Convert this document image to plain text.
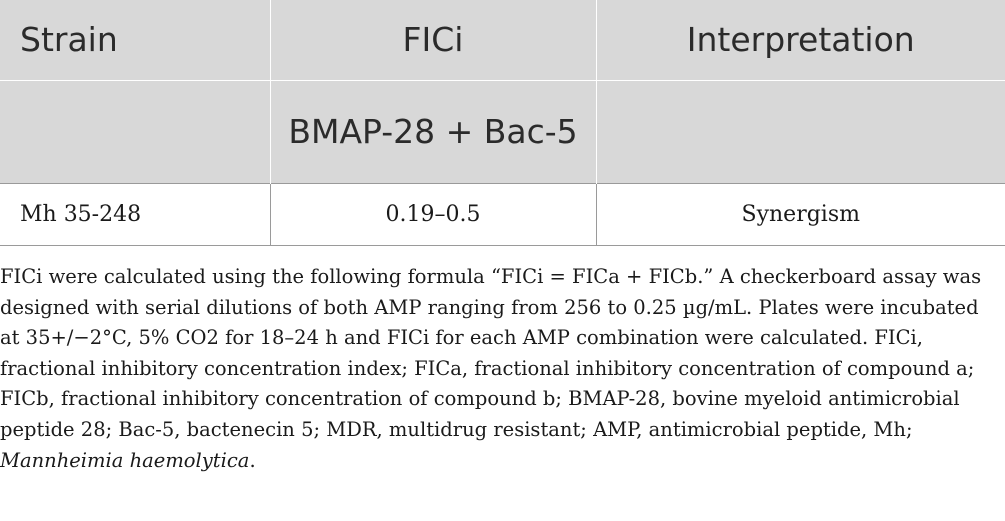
Strain	FICi	Interpretation
	BMAP-28 + Bac-5	
Mh 35-248	0.19–0.5	Synergism

FICi were calculated using the following formula “FICi = FICa + FICb.” A checkerboard assay was designed with serial dilutions of both AMP ranging from 256 to 0.25 µg/mL. Plates were incubated at 35+/−2°C, 5% CO2 for 18–24 h and FICi for each AMP combination were calculated. FICi, fractional inhibitory concentration index; FICa, fractional inhibitory concentration of compound a; FICb, fractional inhibitory concentration of compound b; BMAP-28, bovine myeloid antimicrobial peptide 28; Bac-5, bactenecin 5; MDR, multidrug resistant; AMP, antimicrobial peptide, Mh; Mannheimia haemolytica.
